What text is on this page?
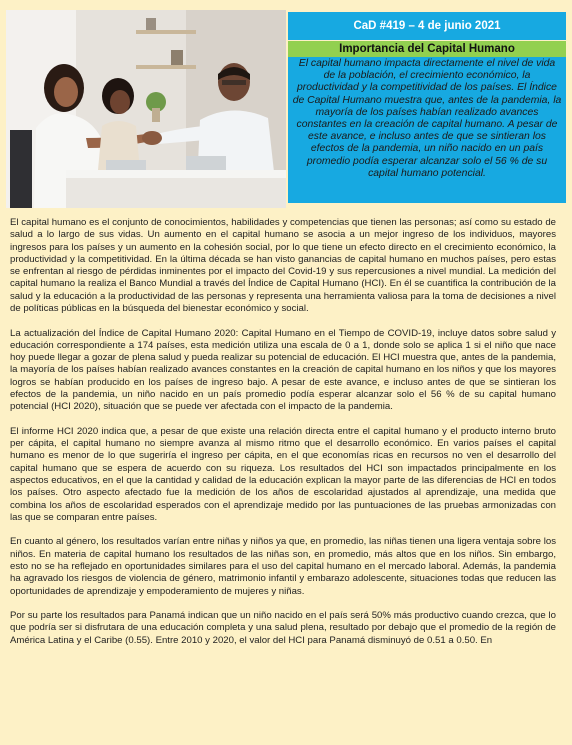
CaD #419 – 4 de junio 2021
Importancia del Capital Humano
El capital humano impacta directamente el nivel de vida de la población, el crecimiento económico, la productividad y la competitividad de los países. El Índice de Capital Humano muestra que, antes de la pandemia, la mayoría de los países habían realizado avances constantes en la creación de capital humano. A pesar de este avance, e incluso antes de que se sintieran los efectos de la pandemia, un niño nacido en un país promedio podía esperar alcanzar solo el 56 % de su capital humano potencial.

El capital humano es el conjunto de conocimientos, habilidades y competencias que tienen las personas; así como su estado de salud a lo largo de sus vidas. Un aumento en el capital humano se asocia a un mejor ingreso de los individuos, mayores ingresos para los países y un aumento en la cohesión social, por lo que tiene un efecto directo en el crecimiento económico, la productividad y la competitividad. En la última década se han visto ganancias de capital humano en muchos países, pero estas se enfrentan al riesgo de pérdidas inminentes por el impacto del Covid-19 y sus repercusiones a nivel mundial. La medición del capital humano la realiza el Banco Mundial a través del Índice de Capital Humano (HCI). En él se cuantifica la contribución de la salud y la educación a la productividad de las personas y representa una herramienta valiosa para la toma de decisiones a nivel de políticas públicas en la búsqueda del bienestar económico y social.

La actualización del Índice de Capital Humano 2020: Capital Humano en el Tiempo de COVID-19, incluye datos sobre salud y educación correspondiente a 174 países, esta medición utiliza una escala de 0 a 1, donde solo se aplica 1 si el niño que nace hoy puede llegar a gozar de plena salud y pueda realizar su potencial de educación. El HCI muestra que, antes de la pandemia, la mayoría de los países habían realizado avances constantes en la creación de capital humano en los niños y que los mayores logros se habían producido en los países de ingreso bajo. A pesar de este avance, e incluso antes de que se sintieran los efectos de la pandemia, un niño nacido en un país promedio podía esperar alcanzar solo el 56 % de su capital humano potencial (HCI 2020), situación que se puede ver afectada con el impacto de la pandemia.

El informe HCI 2020 indica que, a pesar de que existe una relación directa entre el capital humano y el producto interno bruto per cápita, el capital humano no siempre avanza al mismo ritmo que el desarrollo económico. En varios países el capital humano es menor de lo que sugeriría el ingreso per cápita, en el que economías ricas en recursos no ven el desarrollo del capital humano que se espera de acuerdo con su riqueza. Los resultados del HCI son impactados principalmente en los aspectos educativos, en el que la cantidad y calidad de la educación explican la mayor parte de las diferencias de HCI en todos los países. Otro aspecto afectado fue la medición de los años de escolaridad ajustados al aprendizaje, una medida que combina los años de escolaridad esperados con el aprendizaje medido por las puntuaciones de las pruebas armonizadas con las que se comparan entre países.

En cuanto al género, los resultados varían entre niñas y niños ya que, en promedio, las niñas tienen una ligera ventaja sobre los niños. En materia de capital humano los resultados de las niñas son, en promedio, más altos que en los niños. Sin embargo, esto no se ha reflejado en oportunidades similares para el uso del capital humano en el mercado laboral. Además, la pandemia ha agravado los riesgos de violencia de género, matrimonio infantil y embarazo adolescente, situaciones todas que reducen las oportunidades de aprendizaje y empoderamiento de mujeres y niñas.

Por su parte los resultados para Panamá indican que un niño nacido en el país será 50% más productivo cuando crezca, que lo que podría ser si disfrutara de una educación completa y una salud plena, resultado por debajo que el promedio de la región de América Latina y el Caribe (0.55). Entre 2010 y 2020, el valor del HCI para Panamá disminuyó de 0.51 a 0.50. En
